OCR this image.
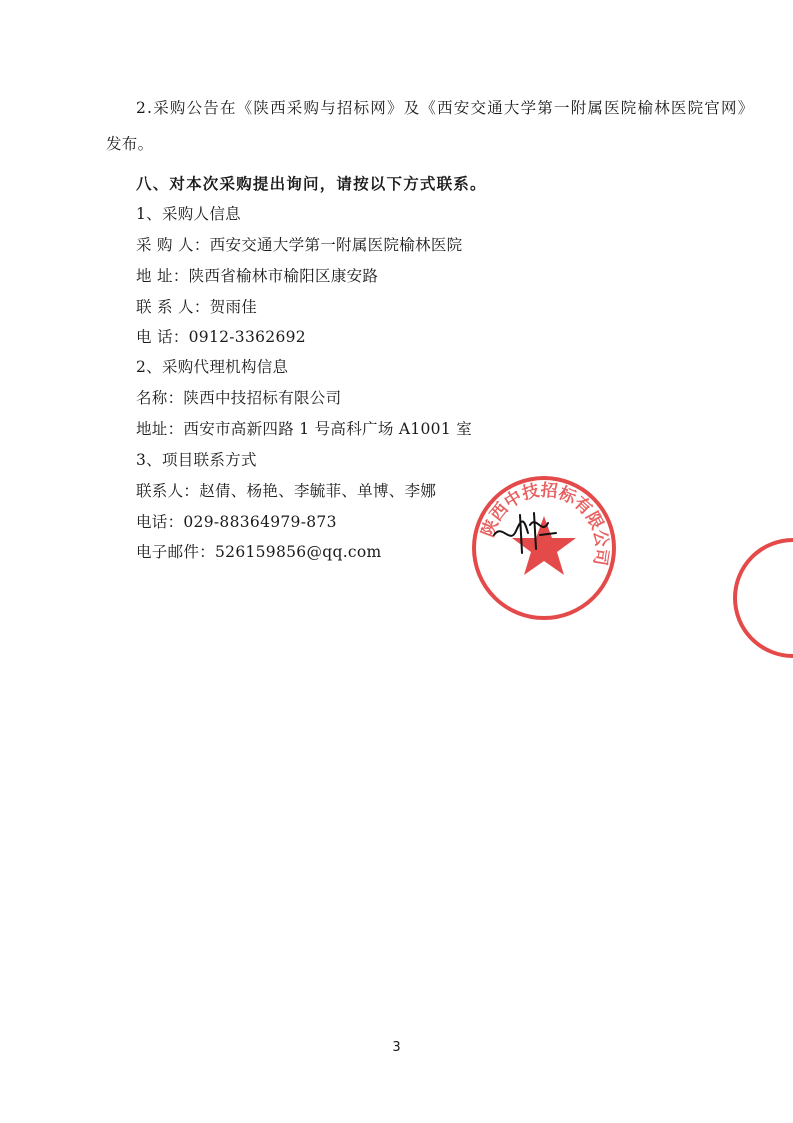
2.采购公告在《陕西采购与招标网》及《西安交通大学第一附属医院榆林医院官网》
发布。
八、对本次采购提出询问，请按以下方式联系。
1、采购人信息
采 购 人：西安交通大学第一附属医院榆林医院
地 址：陕西省榆林市榆阳区康安路
联 系 人：贺雨佳
电 话：0912-3362692
2、采购代理机构信息
名称：陕西中技招标有限公司
地址：西安市高新四路 1 号高科广场 A1001 室
3、项目联系方式
联系人：赵倩、杨艳、李毓菲、单博、李娜
电话：029-88364979-873
电子邮件：526159856@qq.com
陕西中技招标有限公司
3
